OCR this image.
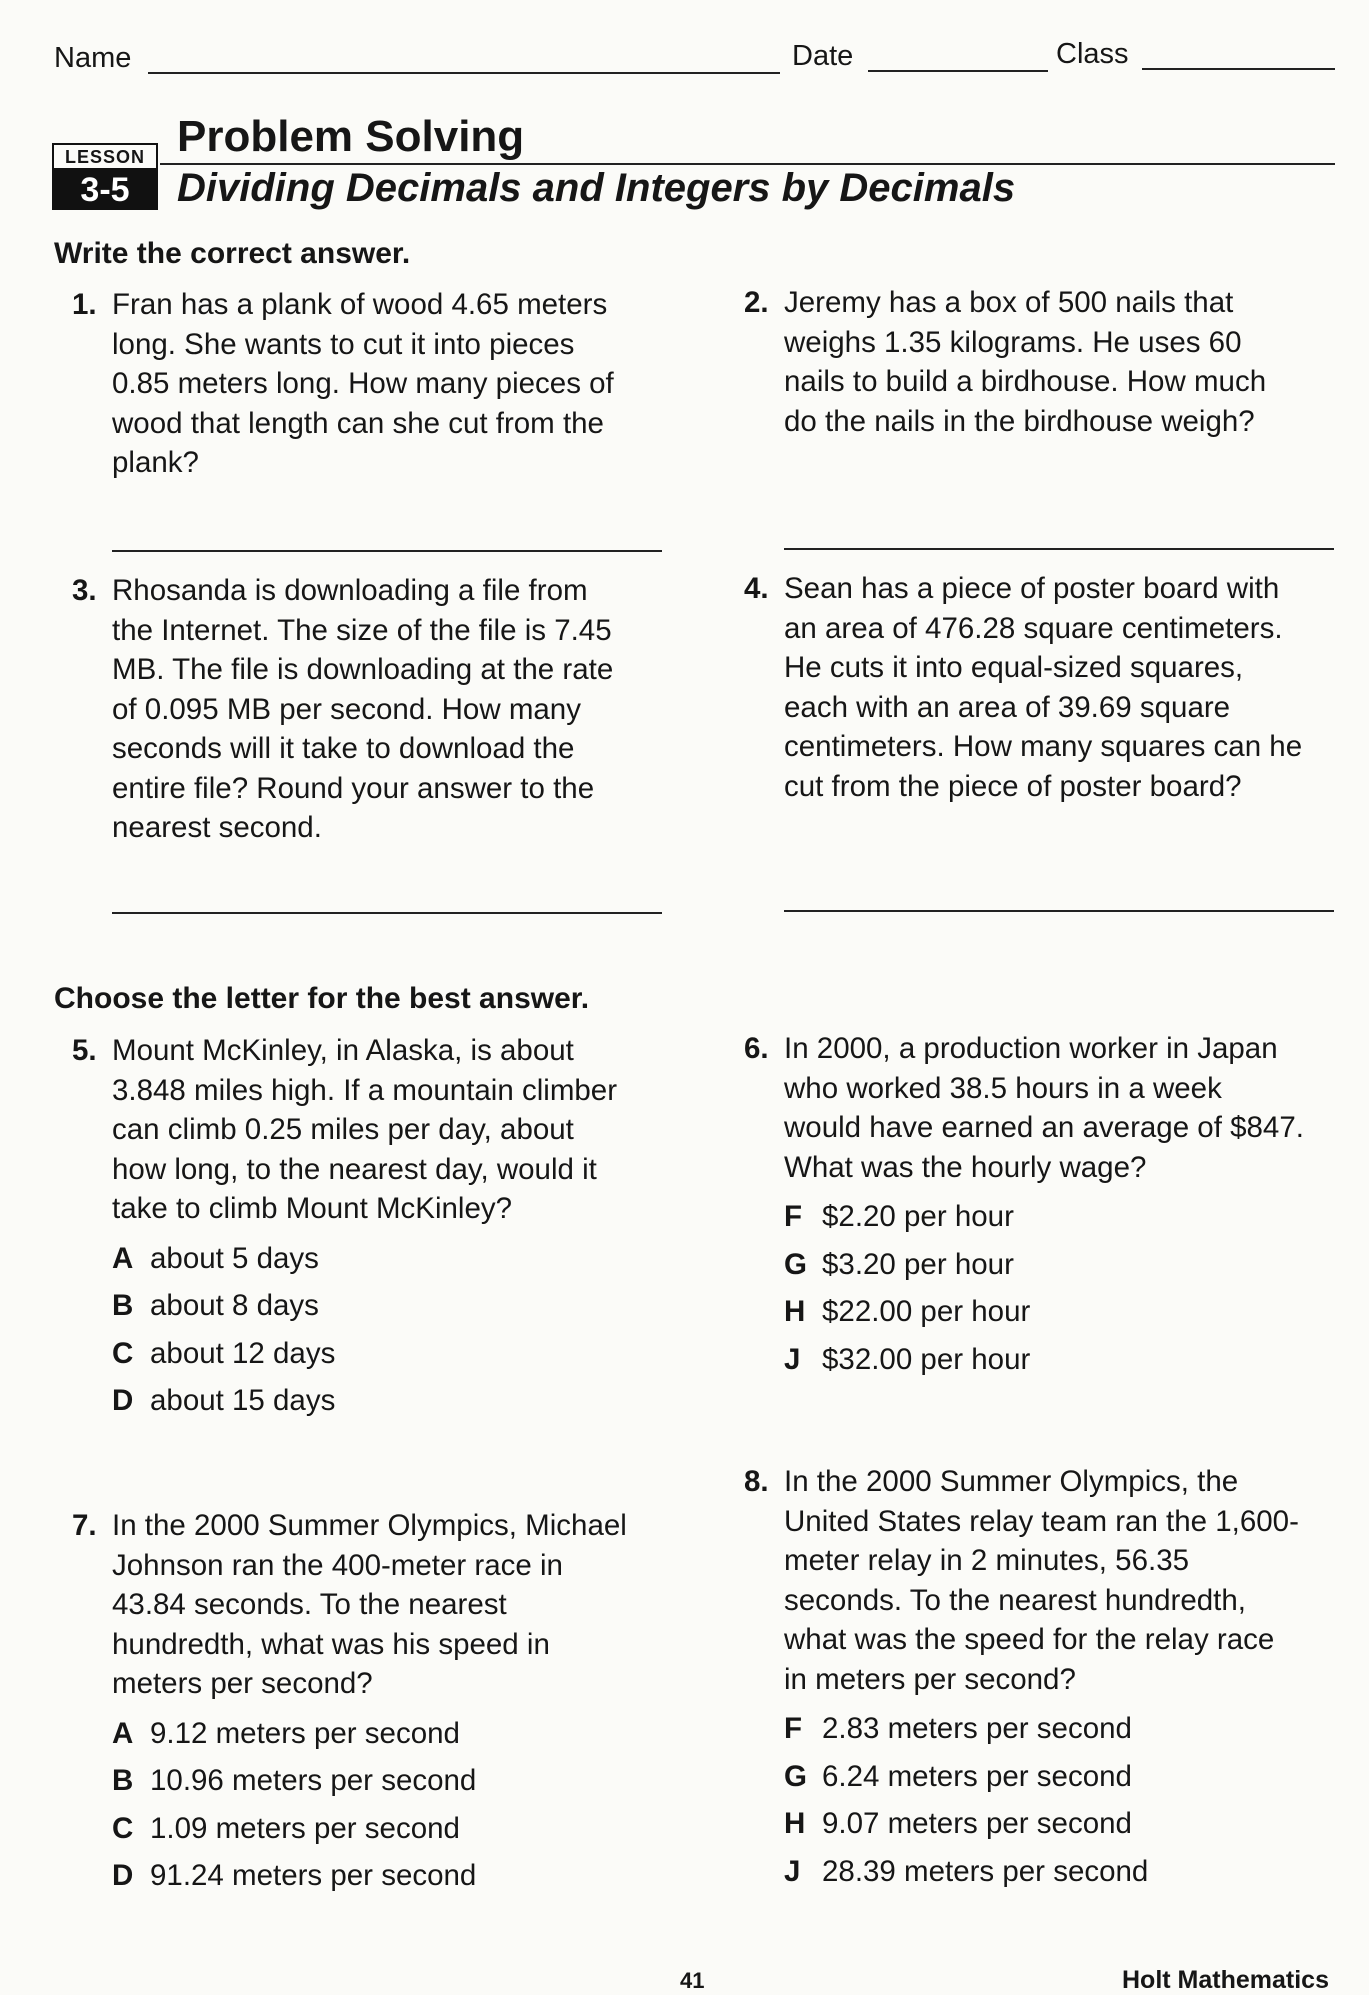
Name	Date	Class
LESSON
3-5
Problem Solving
Dividing Decimals and Integers by Decimals
Write the correct answer.
1. Fran has a plank of wood 4.65 meters long. She wants to cut it into pieces 0.85 meters long. How many pieces of wood that length can she cut from the plank?
2. Jeremy has a box of 500 nails that weighs 1.35 kilograms. He uses 60 nails to build a birdhouse. How much do the nails in the birdhouse weigh?
3. Rhosanda is downloading a file from the Internet. The size of the file is 7.45 MB. The file is downloading at the rate of 0.095 MB per second. How many seconds will it take to download the entire file? Round your answer to the nearest second.
4. Sean has a piece of poster board with an area of 476.28 square centimeters. He cuts it into equal-sized squares, each with an area of 39.69 square centimeters. How many squares can he cut from the piece of poster board?
Choose the letter for the best answer.
5. Mount McKinley, in Alaska, is about 3.848 miles high. If a mountain climber can climb 0.25 miles per day, about how long, to the nearest day, would it take to climb Mount McKinley?
A about 5 days
B about 8 days
C about 12 days
D about 15 days
6. In 2000, a production worker in Japan who worked 38.5 hours in a week would have earned an average of $847. What was the hourly wage?
F $2.20 per hour
G $3.20 per hour
H $22.00 per hour
J $32.00 per hour
7. In the 2000 Summer Olympics, Michael Johnson ran the 400-meter race in 43.84 seconds. To the nearest hundredth, what was his speed in meters per second?
A 9.12 meters per second
B 10.96 meters per second
C 1.09 meters per second
D 91.24 meters per second
8. In the 2000 Summer Olympics, the United States relay team ran the 1,600-meter relay in 2 minutes, 56.35 seconds. To the nearest hundredth, what was the speed for the relay race in meters per second?
F 2.83 meters per second
G 6.24 meters per second
H 9.07 meters per second
J 28.39 meters per second
41	Holt Mathematics
